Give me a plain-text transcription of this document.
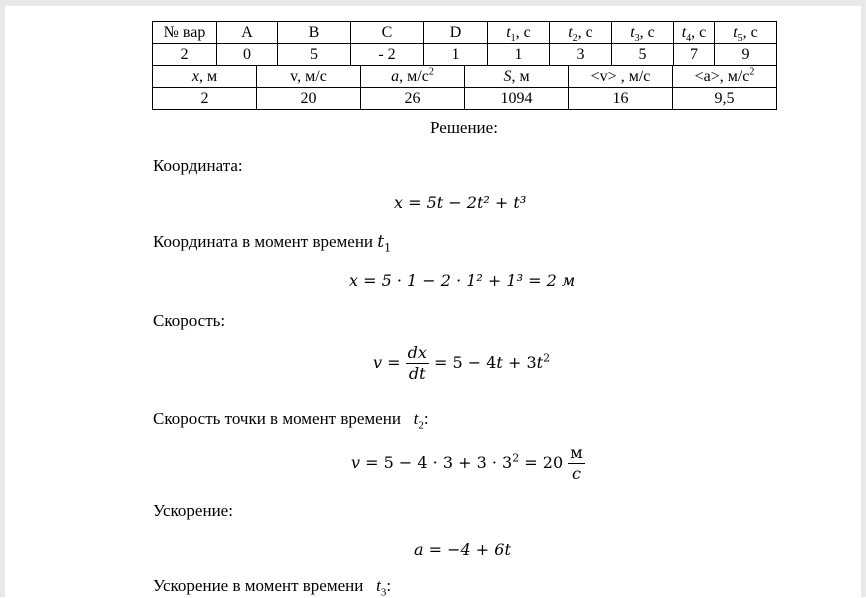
№ вар	A	B	C	D	$t_1$, с	$t_2$, с	$t_3$, с	$t_4$, с	$t_5$, с
2	0	5	- 2	1	1	3	5	7	9
x, м	v, м/с	a, $м/с^2$	S, м	<v> , м/с	<a>, $м/с^2$
2	20	26	1094	16	9,5
Решение:
Координата:
x = 5t − 2t² + t³
Координата в момент времени $t_1$
x = 5 · 1 − 2 · 1² + 1³ = 2 м
Скорость:
$v = \frac{dx}{dt} = 5 - 4t + 3t^2$
Скорость точки в момент времени $t_2$:
$v = 5 - 4 \cdot 3 + 3 \cdot 3^2 = 20 \frac{м}{c}$
Ускорение:
a = −4 + 6t
Ускорение в момент времени $t_3$:
